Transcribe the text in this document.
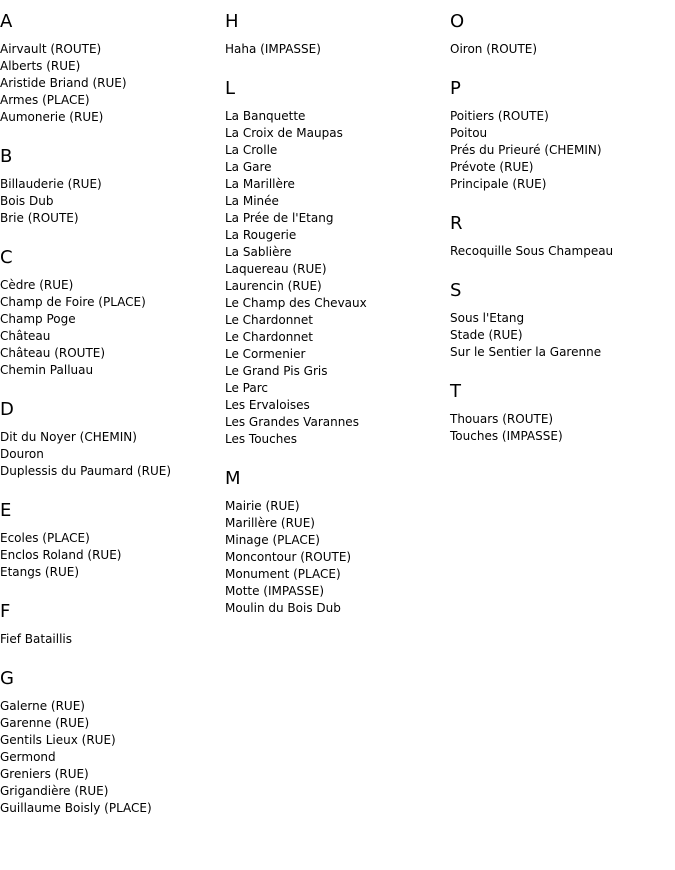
A
Airvault (ROUTE)
Alberts (RUE)
Aristide Briand (RUE)
Armes (PLACE)
Aumonerie (RUE)
B
Billauderie (RUE)
Bois Dub
Brie (ROUTE)
C
Cèdre (RUE)
Champ de Foire (PLACE)
Champ Poge
Château
Château (ROUTE)
Chemin Palluau
D
Dit du Noyer (CHEMIN)
Douron
Duplessis du Paumard (RUE)
E
Ecoles (PLACE)
Enclos Roland (RUE)
Etangs (RUE)
F
Fief Bataillis
G
Galerne (RUE)
Garenne (RUE)
Gentils Lieux (RUE)
Germond
Greniers (RUE)
Grigandière (RUE)
Guillaume Boisly (PLACE)
H
Haha (IMPASSE)
L
La Banquette
La Croix de Maupas
La Crolle
La Gare
La Marillère
La Minée
La Prée de l'Etang
La Rougerie
La Sablière
Laquereau (RUE)
Laurencin (RUE)
Le Champ des Chevaux
Le Chardonnet
Le Chardonnet
Le Cormenier
Le Grand Pis Gris
Le Parc
Les Ervaloises
Les Grandes Varannes
Les Touches
M
Mairie (RUE)
Marillère (RUE)
Minage (PLACE)
Moncontour (ROUTE)
Monument (PLACE)
Motte (IMPASSE)
Moulin du Bois Dub
O
Oiron (ROUTE)
P
Poitiers (ROUTE)
Poitou
Prés du Prieuré (CHEMIN)
Prévote (RUE)
Principale (RUE)
R
Recoquille Sous Champeau
S
Sous l'Etang
Stade (RUE)
Sur le Sentier la Garenne
T
Thouars (ROUTE)
Touches (IMPASSE)
